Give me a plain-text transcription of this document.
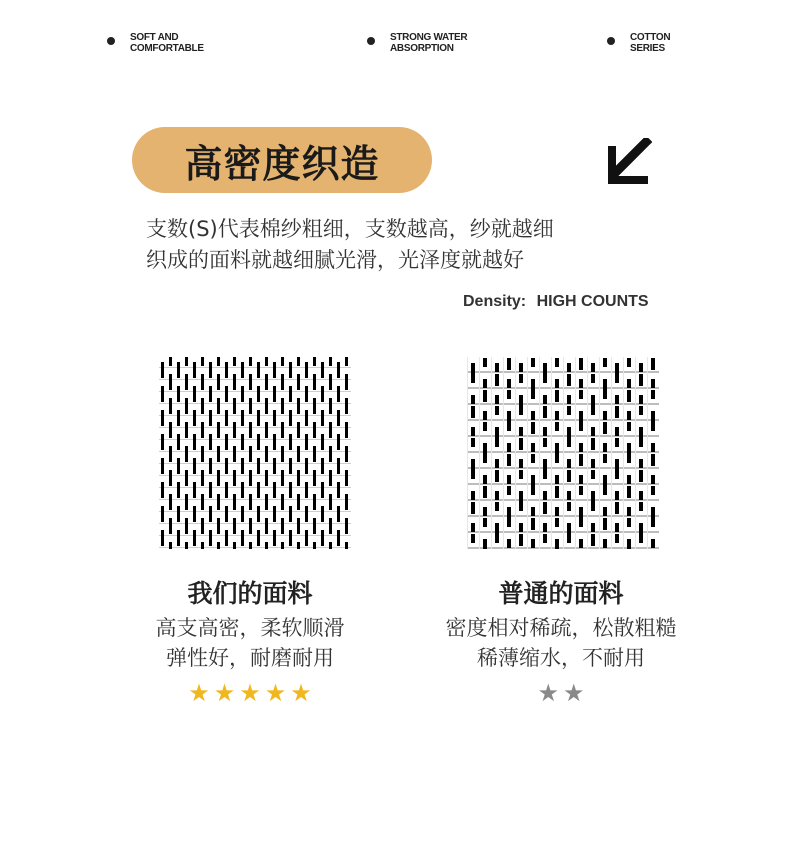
SOFT AND
COMFORTABLE
STRONG WATER
ABSORPTION
COTTON
SERIES
高密度织造
支数(S)代表棉纱粗细，支数越高，纱就越细
织成的面料就越细腻光滑，光泽度就越好
Density: HIGH COUNTS
我们的面料
高支高密，柔软顺滑
弹性好，耐磨耐用
普通的面料
密度相对稀疏，松散粗糙
稀薄缩水，不耐用
★ ★ ★ ★ ★	★ ★
